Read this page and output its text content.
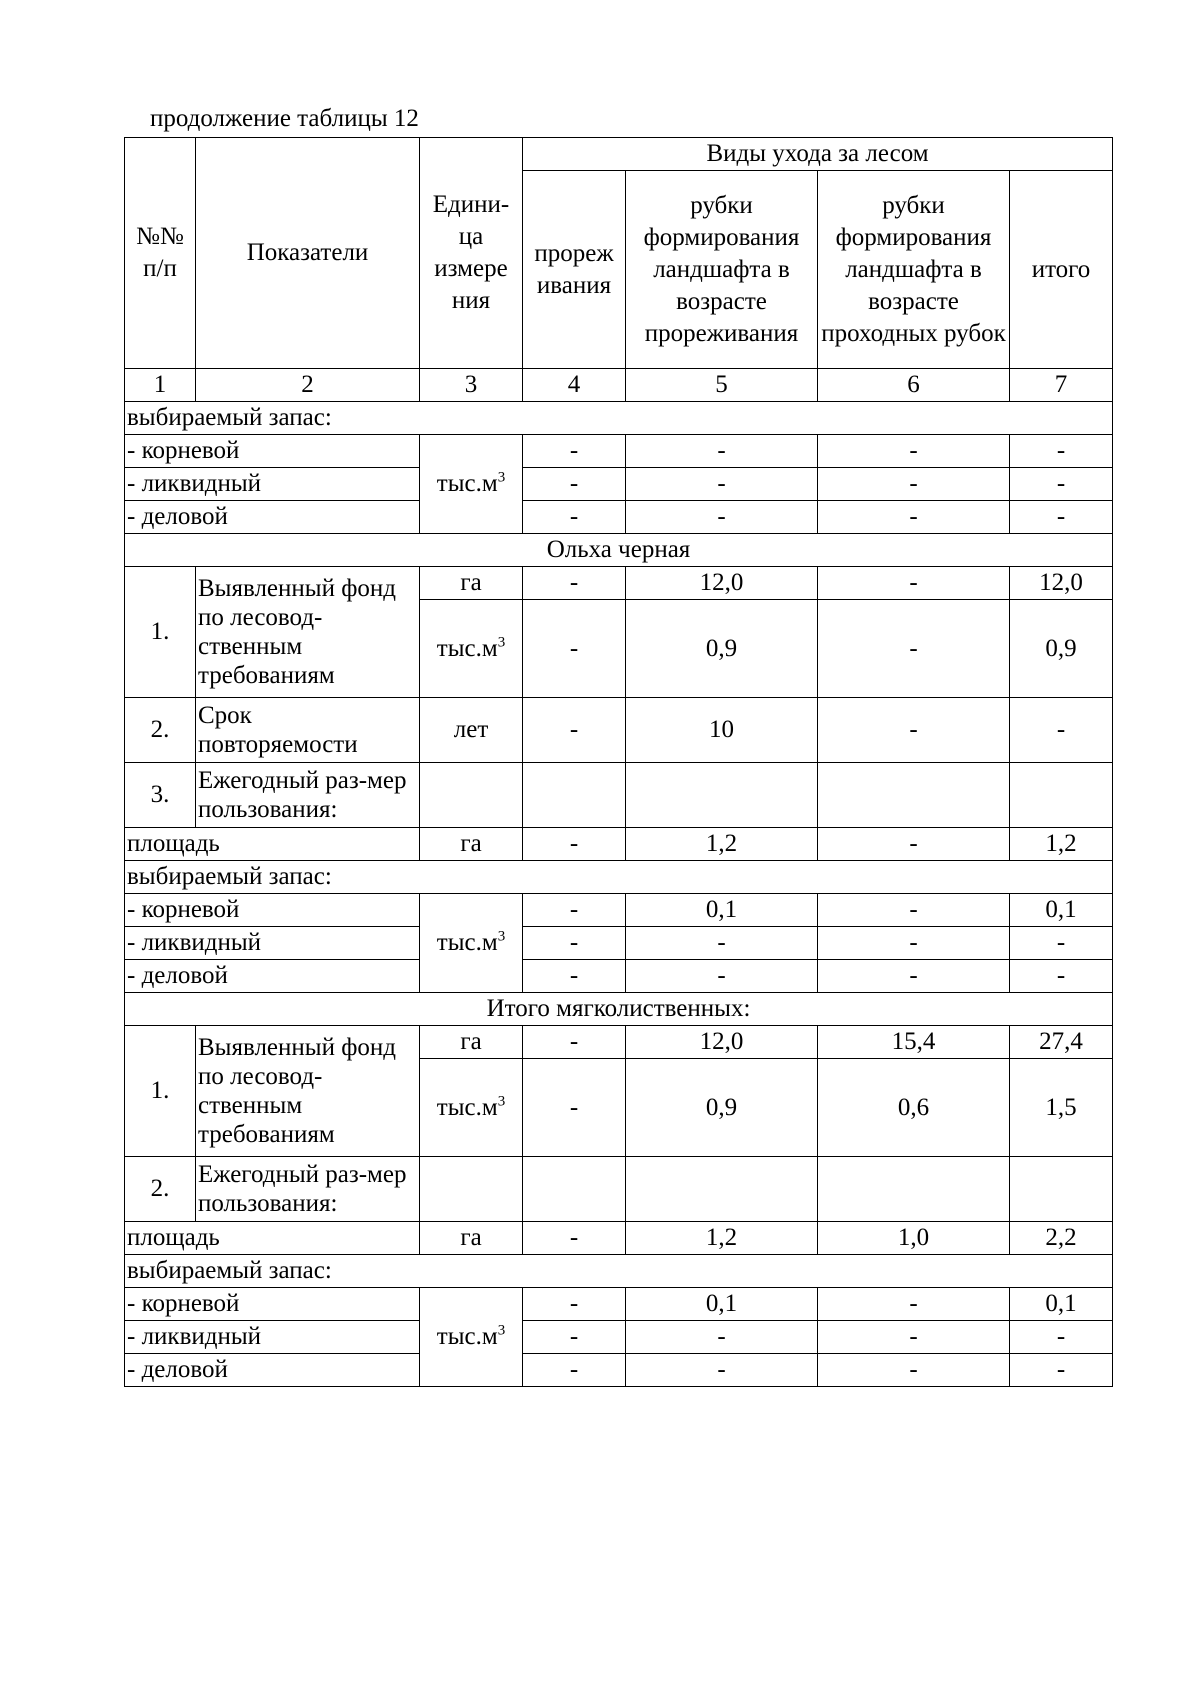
продолжение таблицы 12
№№ п/п	Показатели	Едини-ца измере ния	Виды ухода за лесом			
			прореж ивания	рубки формирования ландшафта в возрасте прореживания	рубки формирования ландшафта в возрасте проходных рубок	итого
1	2	3	4	5	6	7
выбираемый запас:						
- корневой		$тыс.м^3$	-	-	-	-
- ликвидный			-	-	-	-
- деловой			-	-	-	-
Ольха черная						
1.	Выявленный фонд по лесовод-ственным требованиям	га	-	12,0	-	12,0
		$тыс.м^3$	-	0,9	-	0,9
2.	Срок повторяемости	лет	-	10	-	-
3.	Ежегодный раз-мер пользования:					
площадь		га	-	1,2	-	1,2
выбираемый запас:						
- корневой		$тыс.м^3$	-	0,1	-	0,1
- ликвидный			-	-	-	-
- деловой			-	-	-	-
Итого мягколиственных:						
1.	Выявленный фонд по лесовод-ственным требованиям	га	-	12,0	15,4	27,4
		$тыс.м^3$	-	0,9	0,6	1,5
2.	Ежегодный раз-мер пользования:					
площадь		га	-	1,2	1,0	2,2
выбираемый запас:						
- корневой		$тыс.м^3$	-	0,1	-	0,1
- ликвидный			-	-	-	-
- деловой			-	-	-	-
